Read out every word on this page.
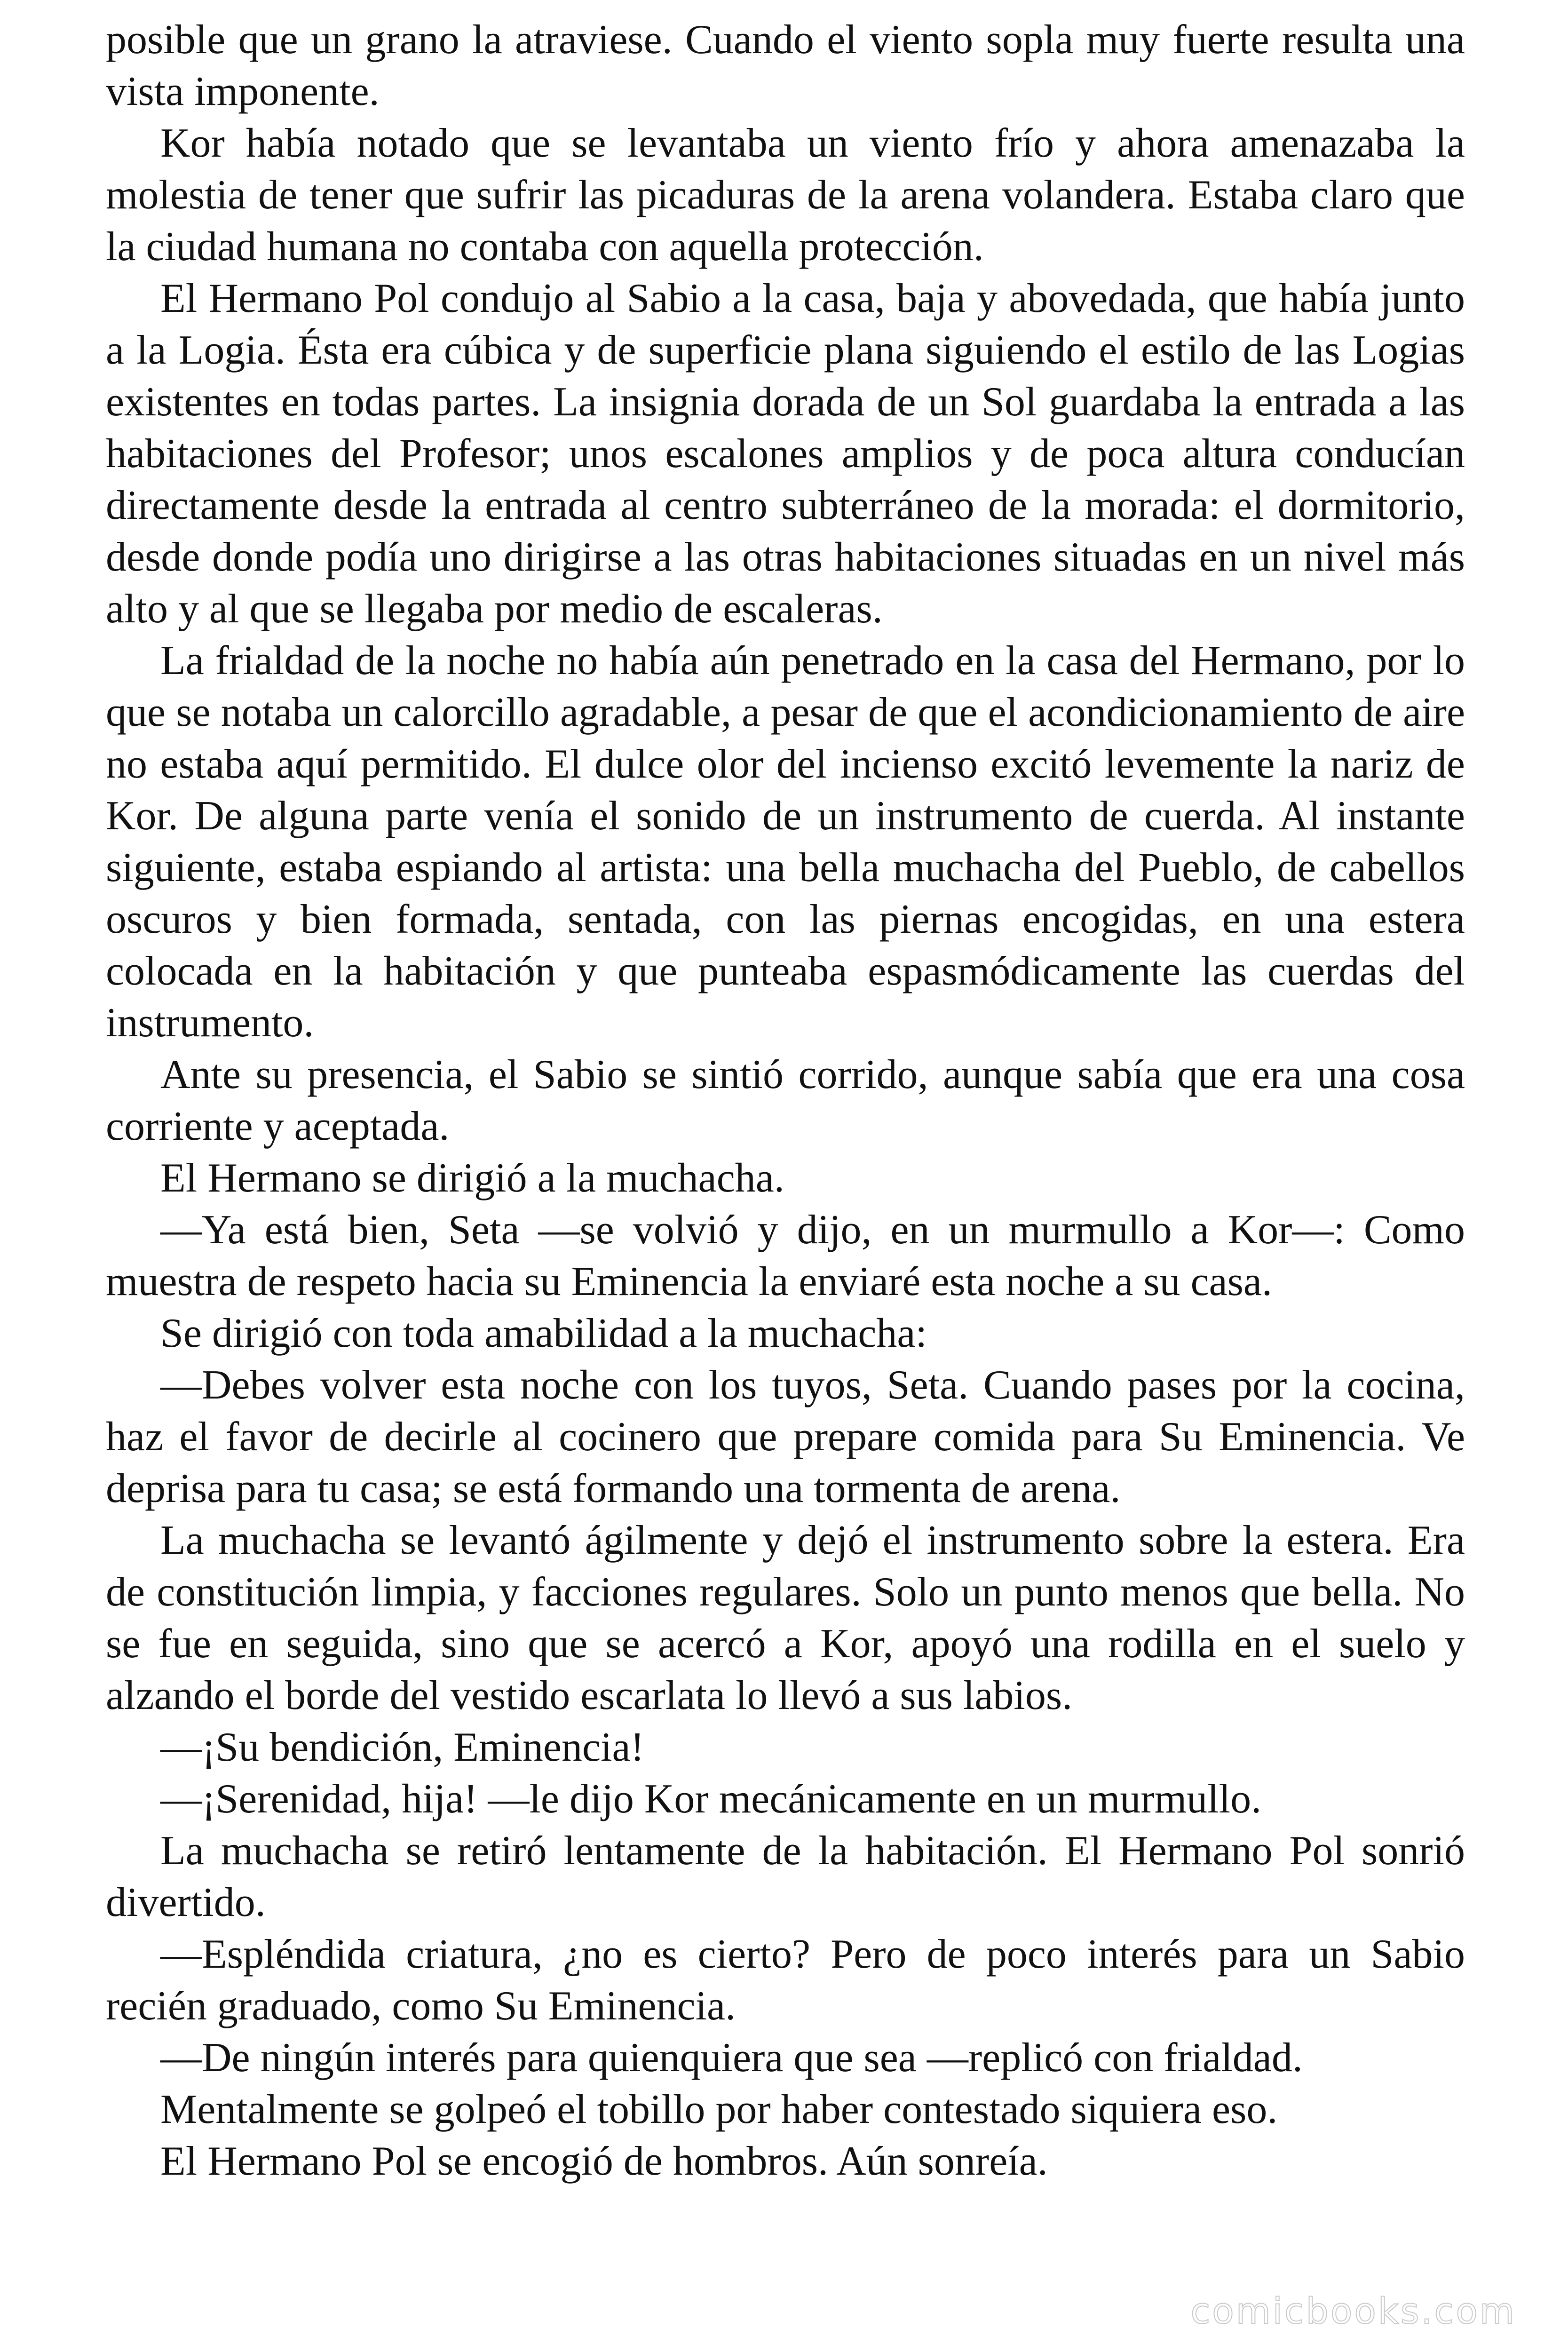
posible que un grano la atraviese. Cuando el viento sopla muy fuerte resulta una vista imponente.

Kor había notado que se levantaba un viento frío y ahora amenazaba la molestia de tener que sufrir las picaduras de la arena volandera. Estaba claro que la ciudad humana no contaba con aquella protección.

El Hermano Pol condujo al Sabio a la casa, baja y abovedada, que había junto a la Logia. Ésta era cúbica y de superficie plana siguiendo el estilo de las Logias existentes en todas partes. La insignia dorada de un Sol guardaba la entrada a las habitaciones del Profesor; unos escalones amplios y de poca altura conducían directamente desde la entrada al centro subterráneo de la morada: el dormitorio, desde donde podía uno dirigirse a las otras habitaciones situadas en un nivel más alto y al que se llegaba por medio de escaleras.

La frialdad de la noche no había aún penetrado en la casa del Hermano, por lo que se notaba un calorcillo agradable, a pesar de que el acondicionamiento de aire no estaba aquí permitido. El dulce olor del incienso excitó levemente la nariz de Kor. De alguna parte venía el sonido de un instrumento de cuerda. Al instante siguiente, estaba espiando al artista: una bella muchacha del Pueblo, de cabellos oscuros y bien formada, sentada, con las piernas encogidas, en una estera colocada en la habitación y que punteaba espasmódicamente las cuerdas del instrumento.

Ante su presencia, el Sabio se sintió corrido, aunque sabía que era una cosa corriente y aceptada.

El Hermano se dirigió a la muchacha.

—Ya está bien, Seta —se volvió y dijo, en un murmullo a Kor—: Como muestra de respeto hacia su Eminencia la enviaré esta noche a su casa.

Se dirigió con toda amabilidad a la muchacha:

—Debes volver esta noche con los tuyos, Seta. Cuando pases por la cocina, haz el favor de decirle al cocinero que prepare comida para Su Eminencia. Ve deprisa para tu casa; se está formando una tormenta de arena.

La muchacha se levantó ágilmente y dejó el instrumento sobre la estera. Era de constitución limpia, y facciones regulares. Solo un punto menos que bella. No se fue en seguida, sino que se acercó a Kor, apoyó una rodilla en el suelo y alzando el borde del vestido escarlata lo llevó a sus labios.

—¡Su bendición, Eminencia!

—¡Serenidad, hija! —le dijo Kor mecánicamente en un murmullo.

La muchacha se retiró lentamente de la habitación. El Hermano Pol sonrió divertido.

—Espléndida criatura, ¿no es cierto? Pero de poco interés para un Sabio recién graduado, como Su Eminencia.

—De ningún interés para quienquiera que sea —replicó con frialdad.

Mentalmente se golpeó el tobillo por haber contestado siquiera eso.

El Hermano Pol se encogió de hombros. Aún sonreía.

comicbooks.com
